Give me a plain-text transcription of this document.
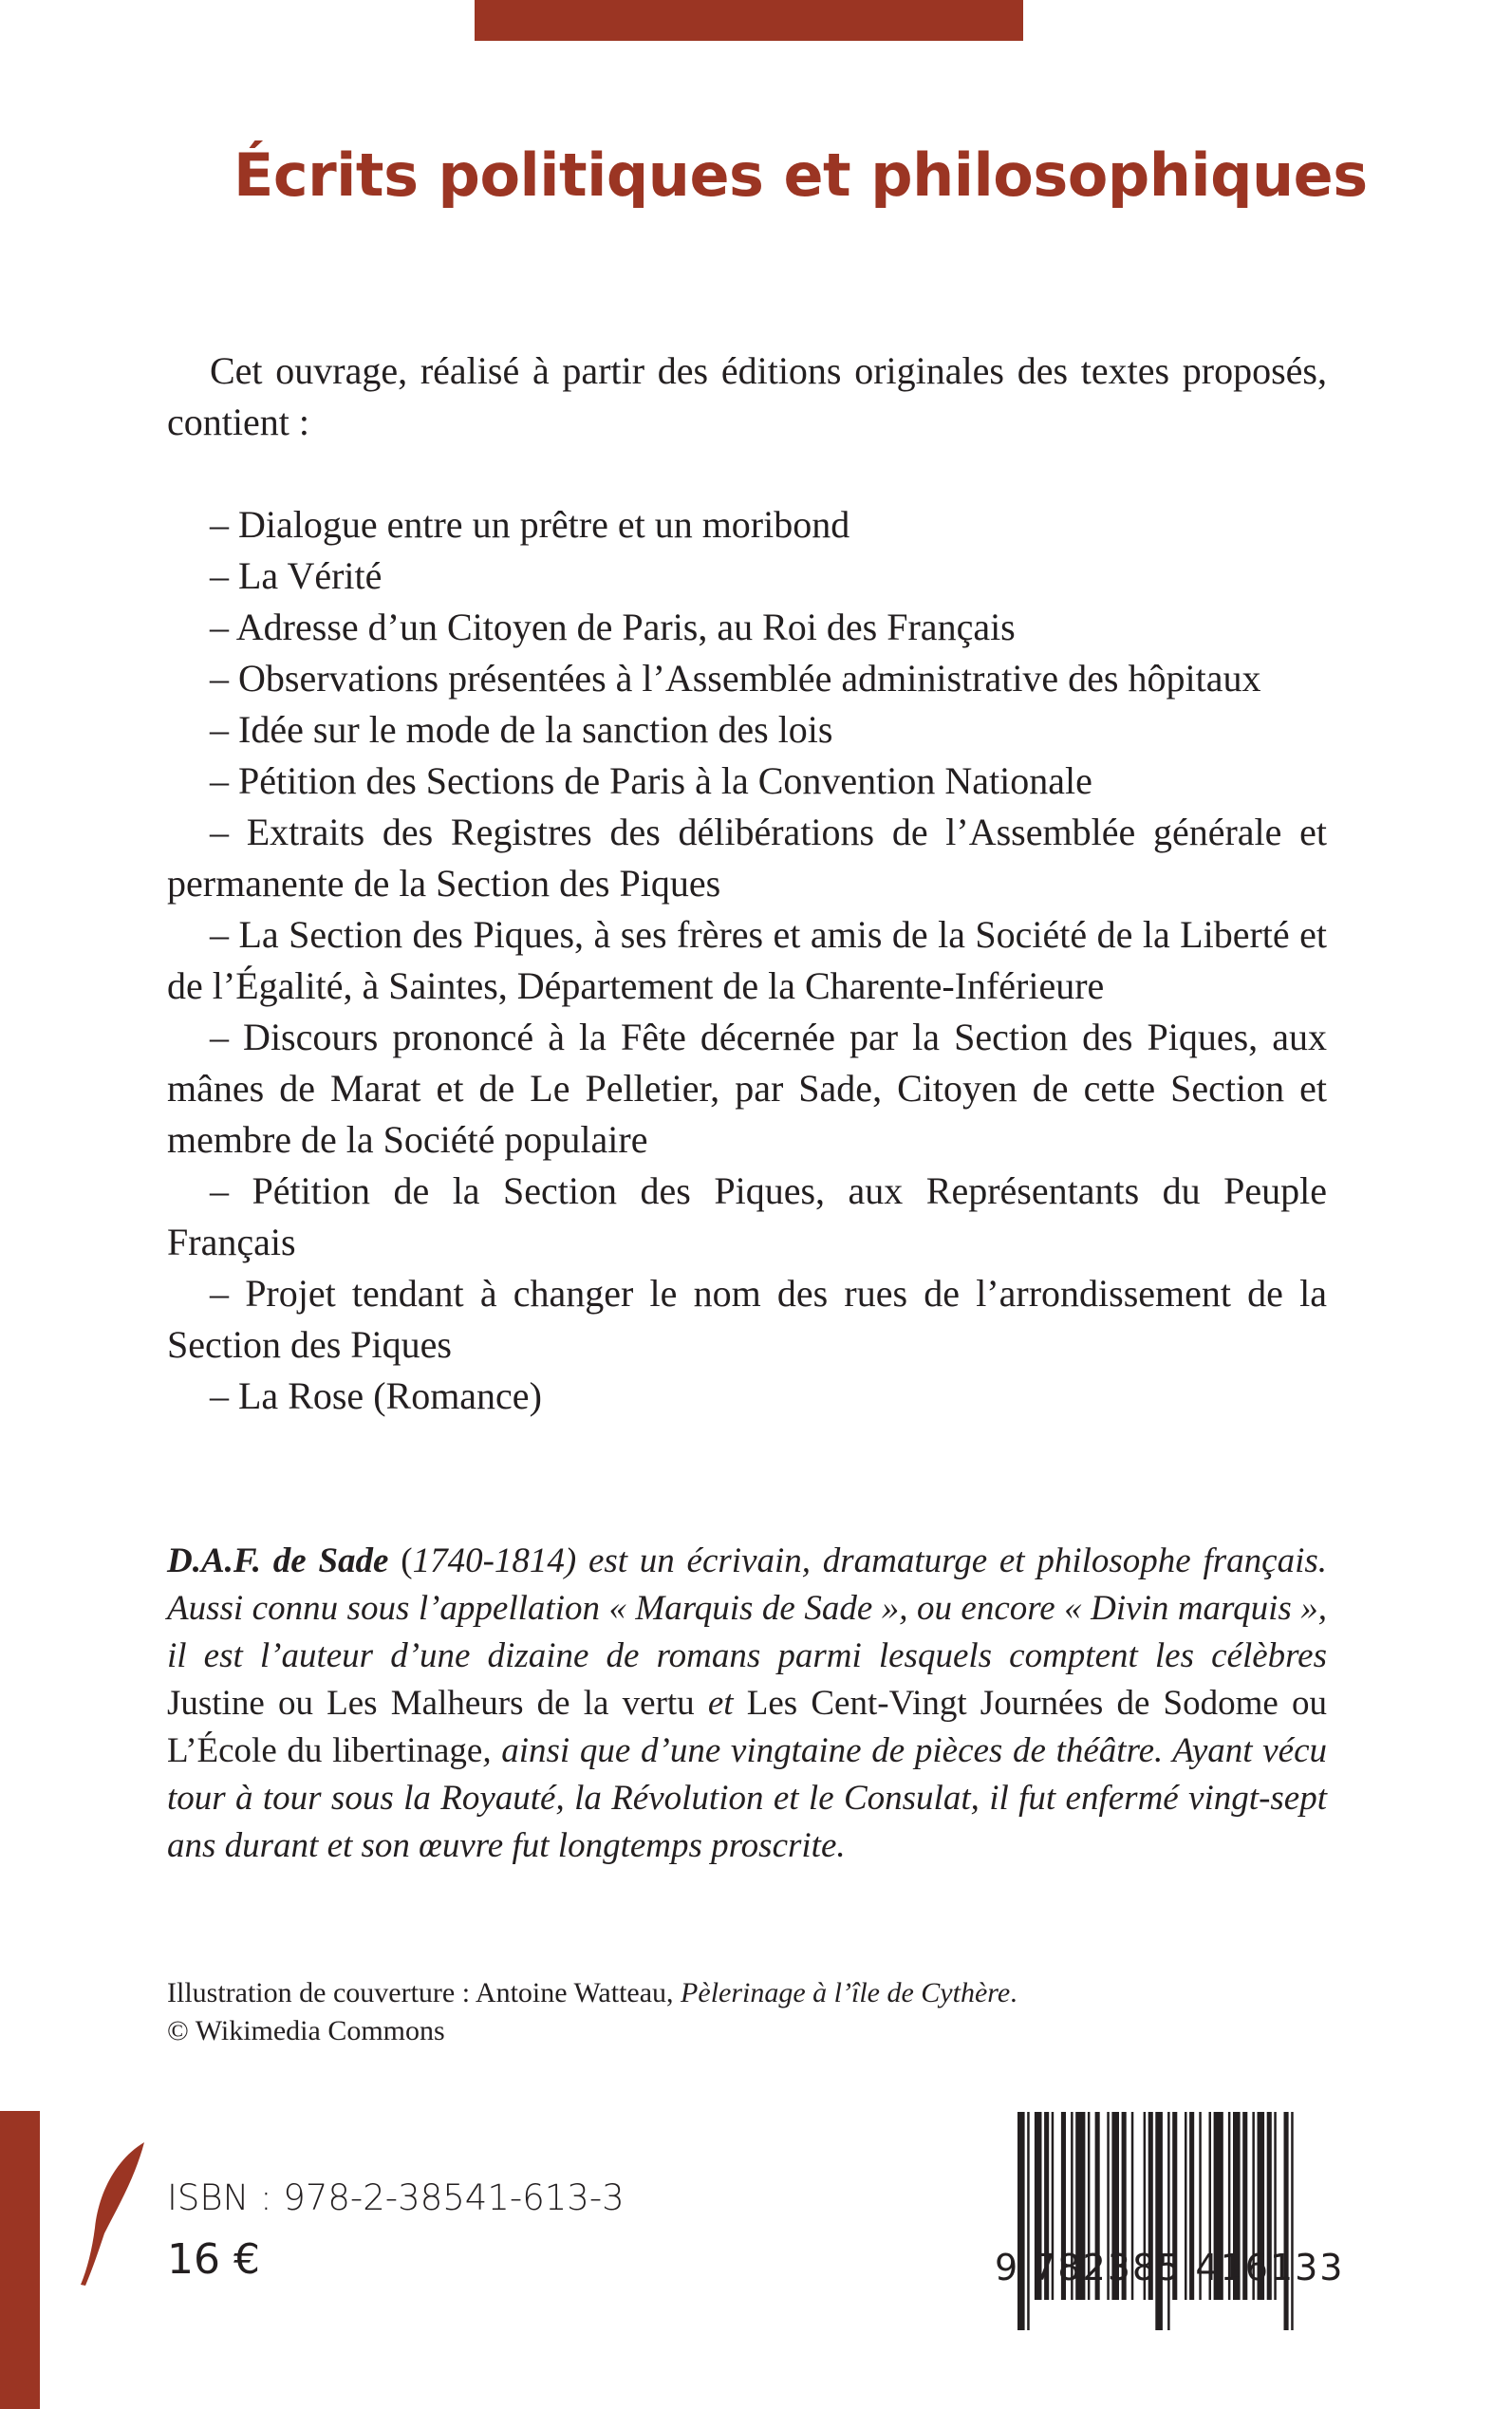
Écrits politiques et philosophiques

Cet ouvrage, réalisé à partir des éditions originales des textes proposés, contient :

– Dialogue entre un prêtre et un moribond
– La Vérité
– Adresse d’un Citoyen de Paris, au Roi des Français
– Observations présentées à l’Assemblée administrative des hôpitaux
– Idée sur le mode de la sanction des lois
– Pétition des Sections de Paris à la Convention Nationale
– Extraits des Registres des délibérations de l’Assemblée générale et permanente de la Section des Piques
– La Section des Piques, à ses frères et amis de la Société de la Liberté et de l’Égalité, à Saintes, Département de la Charente-Inférieure
– Discours prononcé à la Fête décernée par la Section des Piques, aux mânes de Marat et de Le Pelletier, par Sade, Citoyen de cette Section et membre de la Société populaire
– Pétition de la Section des Piques, aux Représentants du Peuple Français
– Projet tendant à changer le nom des rues de l’arrondissement de la Section des Piques
– La Rose (Romance)

D.A.F. de Sade (1740-1814) est un écrivain, dramaturge et philosophe français. Aussi connu sous l’appellation « Marquis de Sade », ou encore « Divin marquis », il est l’auteur d’une dizaine de romans parmi lesquels comptent les célèbres Justine ou Les Malheurs de la vertu et Les Cent-Vingt Journées de Sodome ou L’École du libertinage, ainsi que d’une vingtaine de pièces de théâtre. Ayant vécu tour à tour sous la Royauté, la Révolution et le Consulat, il fut enfermé vingt-sept ans durant et son œuvre fut longtemps proscrite.

Illustration de couverture : Antoine Watteau, Pèlerinage à l’île de Cythère.

© Wikimedia Commons

ISBN : 978-2-38541-613-3
16 €	9 782385 416133
